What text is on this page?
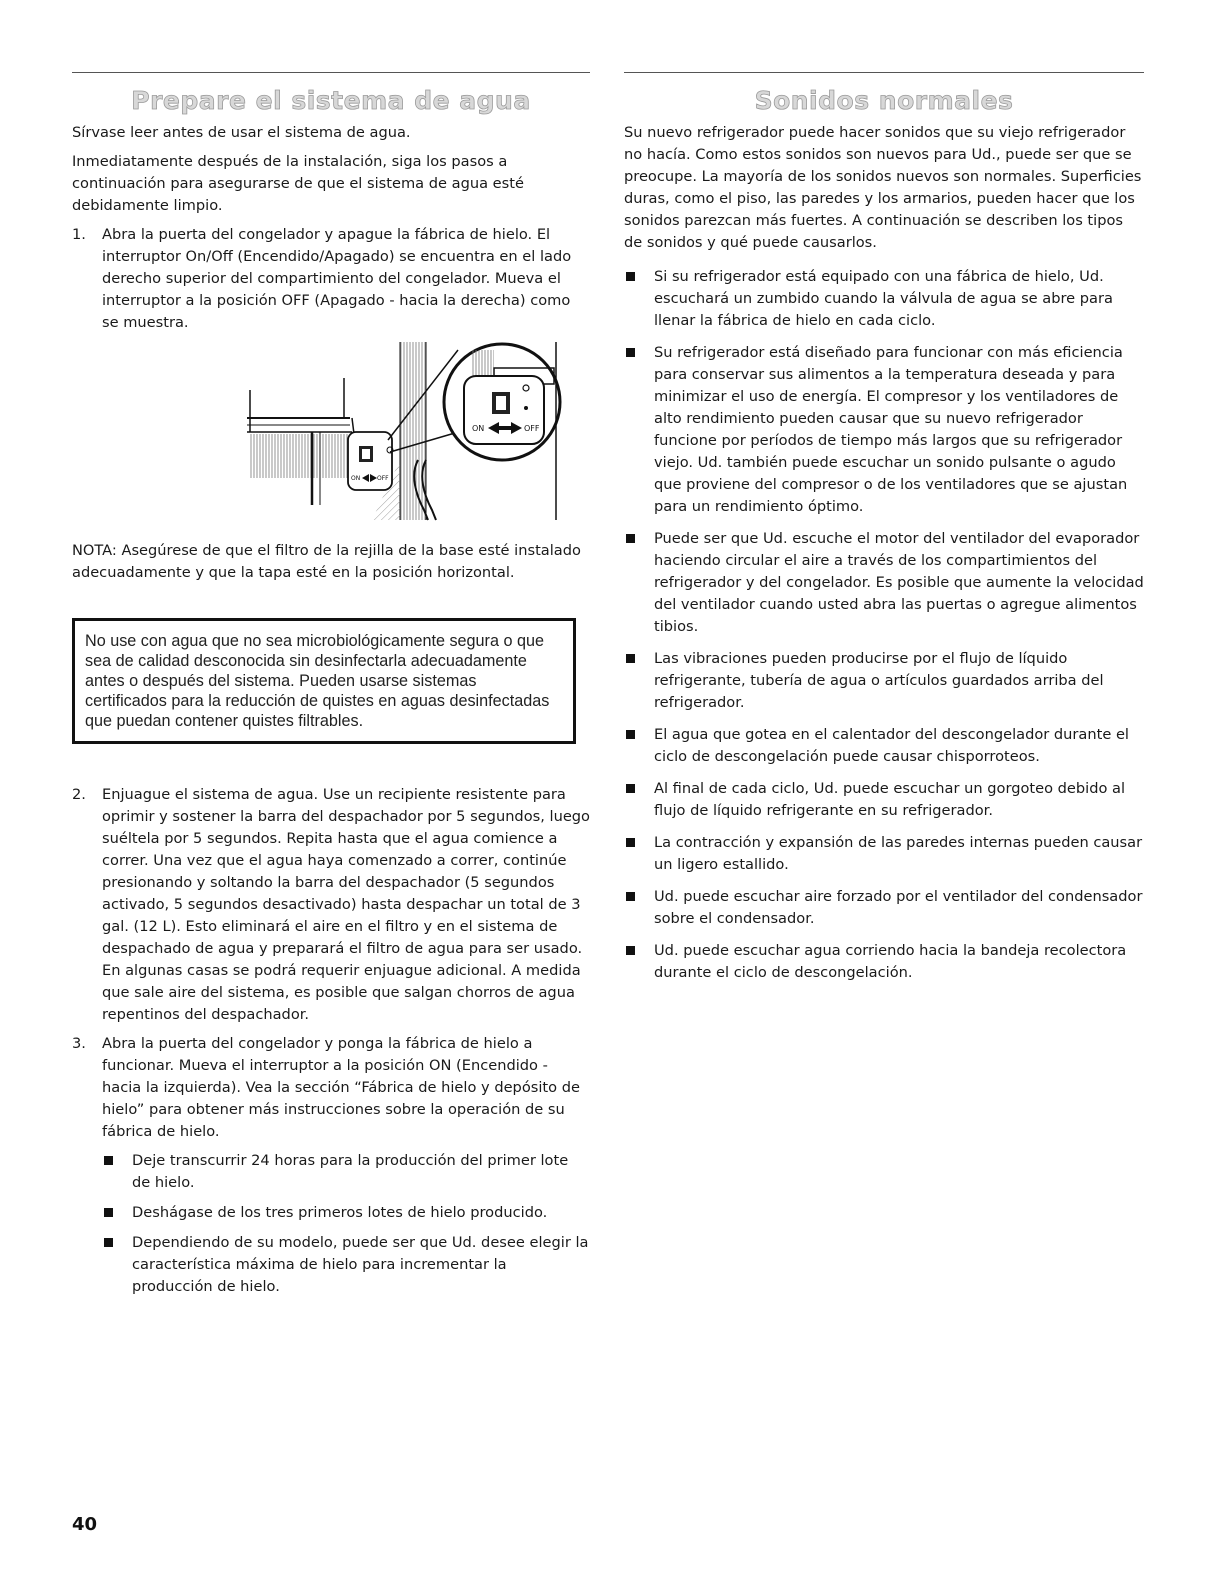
Prepare el sistema de agua

Sírvase leer antes de usar el sistema de agua.

Inmediatamente después de la instalación, siga los pasos a continuación para asegurarse de que el sistema de agua esté debidamente limpio.

1. Abra la puerta del congelador y apague la fábrica de hielo. El interruptor On/Off (Encendido/Apagado) se encuentra en el lado derecho superior del compartimiento del congelador. Mueva el interruptor a la posición OFF (Apagado - hacia la derecha) como se muestra.
ON	OFF
ON	OFF

NOTA: Asegúrese de que el filtro de la rejilla de la base esté instalado adecuadamente y que la tapa esté en la posición horizontal.

No use con agua que no sea microbiológicamente segura o que sea de calidad desconocida sin desinfectarla adecuadamente antes o después del sistema. Pueden usarse sistemas certificados para la reducción de quistes en aguas desinfectadas que puedan contener quistes filtrables.

2. Enjuague el sistema de agua. Use un recipiente resistente para oprimir y sostener la barra del despachador por 5 segundos, luego suéltela por 5 segundos. Repita hasta que el agua comience a correr. Una vez que el agua haya comenzado a correr, continúe presionando y soltando la barra del despachador (5 segundos activado, 5 segundos desactivado) hasta despachar un total de 3 gal. (12 L). Esto eliminará el aire en el filtro y en el sistema de despachado de agua y preparará el filtro de agua para ser usado. En algunas casas se podrá requerir enjuague adicional. A medida que sale aire del sistema, es posible que salgan chorros de agua repentinos del despachador.
3. Abra la puerta del congelador y ponga la fábrica de hielo a funcionar. Mueva el interruptor a la posición ON (Encendido - hacia la izquierda). Vea la sección “Fábrica de hielo y depósito de hielo” para obtener más instrucciones sobre la operación de su fábrica de hielo.
Deje transcurrir 24 horas para la producción del primer lote de hielo.
Deshágase de los tres primeros lotes de hielo producido.
Dependiendo de su modelo, puede ser que Ud. desee elegir la característica máxima de hielo para incrementar la producción de hielo.
Sonidos normales

Su nuevo refrigerador puede hacer sonidos que su viejo refrigerador no hacía. Como estos sonidos son nuevos para Ud., puede ser que se preocupe. La mayoría de los sonidos nuevos son normales. Superficies duras, como el piso, las paredes y los armarios, pueden hacer que los sonidos parezcan más fuertes. A continuación se describen los tipos de sonidos y qué puede causarlos.

Si su refrigerador está equipado con una fábrica de hielo, Ud. escuchará un zumbido cuando la válvula de agua se abre para llenar la fábrica de hielo en cada ciclo.
Su refrigerador está diseñado para funcionar con más eficiencia para conservar sus alimentos a la temperatura deseada y para minimizar el uso de energía. El compresor y los ventiladores de alto rendimiento pueden causar que su nuevo refrigerador funcione por períodos de tiempo más largos que su refrigerador viejo. Ud. también puede escuchar un sonido pulsante o agudo que proviene del compresor o de los ventiladores que se ajustan para un rendimiento óptimo.
Puede ser que Ud. escuche el motor del ventilador del evaporador haciendo circular el aire a través de los compartimientos del refrigerador y del congelador. Es posible que aumente la velocidad del ventilador cuando usted abra las puertas o agregue alimentos tibios.
Las vibraciones pueden producirse por el flujo de líquido refrigerante, tubería de agua o artículos guardados arriba del refrigerador.
El agua que gotea en el calentador del descongelador durante el ciclo de descongelación puede causar chisporroteos.
Al final de cada ciclo, Ud. puede escuchar un gorgoteo debido al flujo de líquido refrigerante en su refrigerador.
La contracción y expansión de las paredes internas pueden causar un ligero estallido.
Ud. puede escuchar aire forzado por el ventilador del condensador sobre el condensador.
Ud. puede escuchar agua corriendo hacia la bandeja recolectora durante el ciclo de descongelación.
40
